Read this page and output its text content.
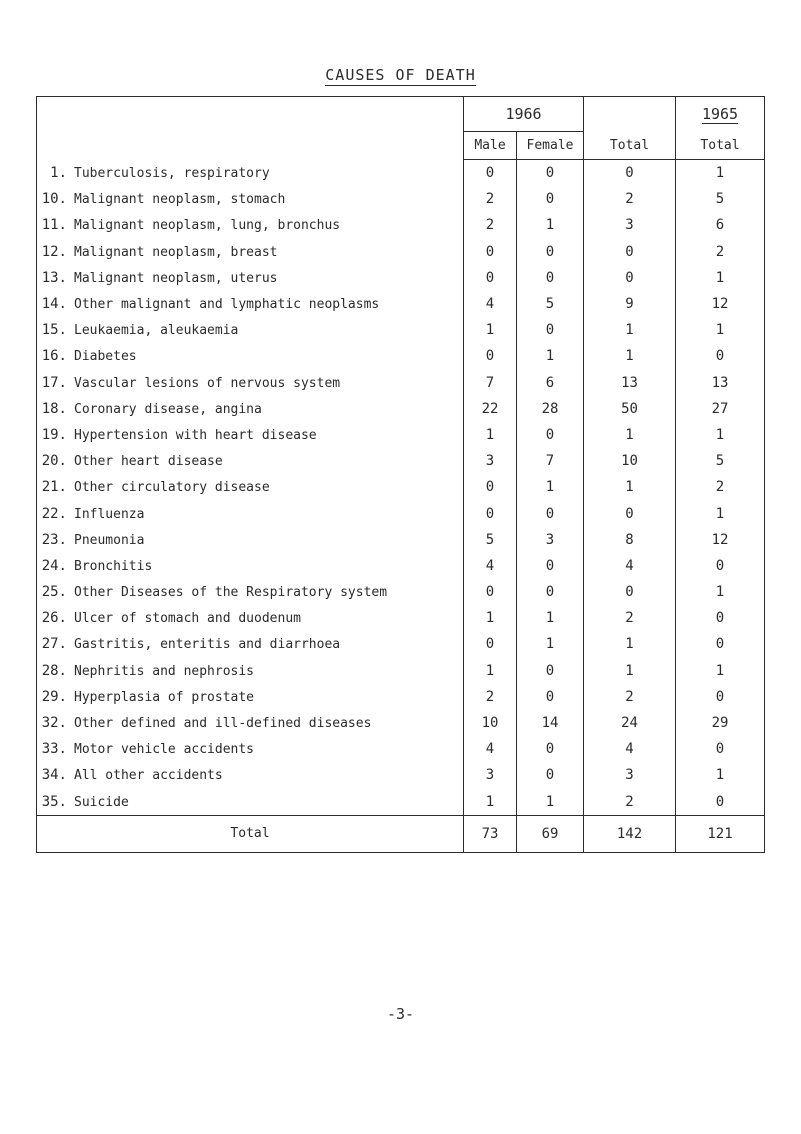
CAUSES OF DEATH
	1966			1965
	Male	Female	Total	Total
1. Tuberculosis, respiratory	0	0	0	1
10. Malignant neoplasm, stomach	2	0	2	5
11. Malignant neoplasm, lung, bronchus	2	1	3	6
12. Malignant neoplasm, breast	0	0	0	2
13. Malignant neoplasm, uterus	0	0	0	1
14. Other malignant and lymphatic neoplasms	4	5	9	12
15. Leukaemia, aleukaemia	1	0	1	1
16. Diabetes	0	1	1	0
17. Vascular lesions of nervous system	7	6	13	13
18. Coronary disease, angina	22	28	50	27
19. Hypertension with heart disease	1	0	1	1
20. Other heart disease	3	7	10	5
21. Other circulatory disease	0	1	1	2
22. Influenza	0	0	0	1
23. Pneumonia	5	3	8	12
24. Bronchitis	4	0	4	0
25. Other Diseases of the Respiratory system	0	0	0	1
26. Ulcer of stomach and duodenum	1	1	2	0
27. Gastritis, enteritis and diarrhoea	0	1	1	0
28. Nephritis and nephrosis	1	0	1	1
29. Hyperplasia of prostate	2	0	2	0
32. Other defined and ill-defined diseases	10	14	24	29
33. Motor vehicle accidents	4	0	4	0
34. All other accidents	3	0	3	1
35. Suicide	1	1	2	0
Total	73	69	142	121
-3-
